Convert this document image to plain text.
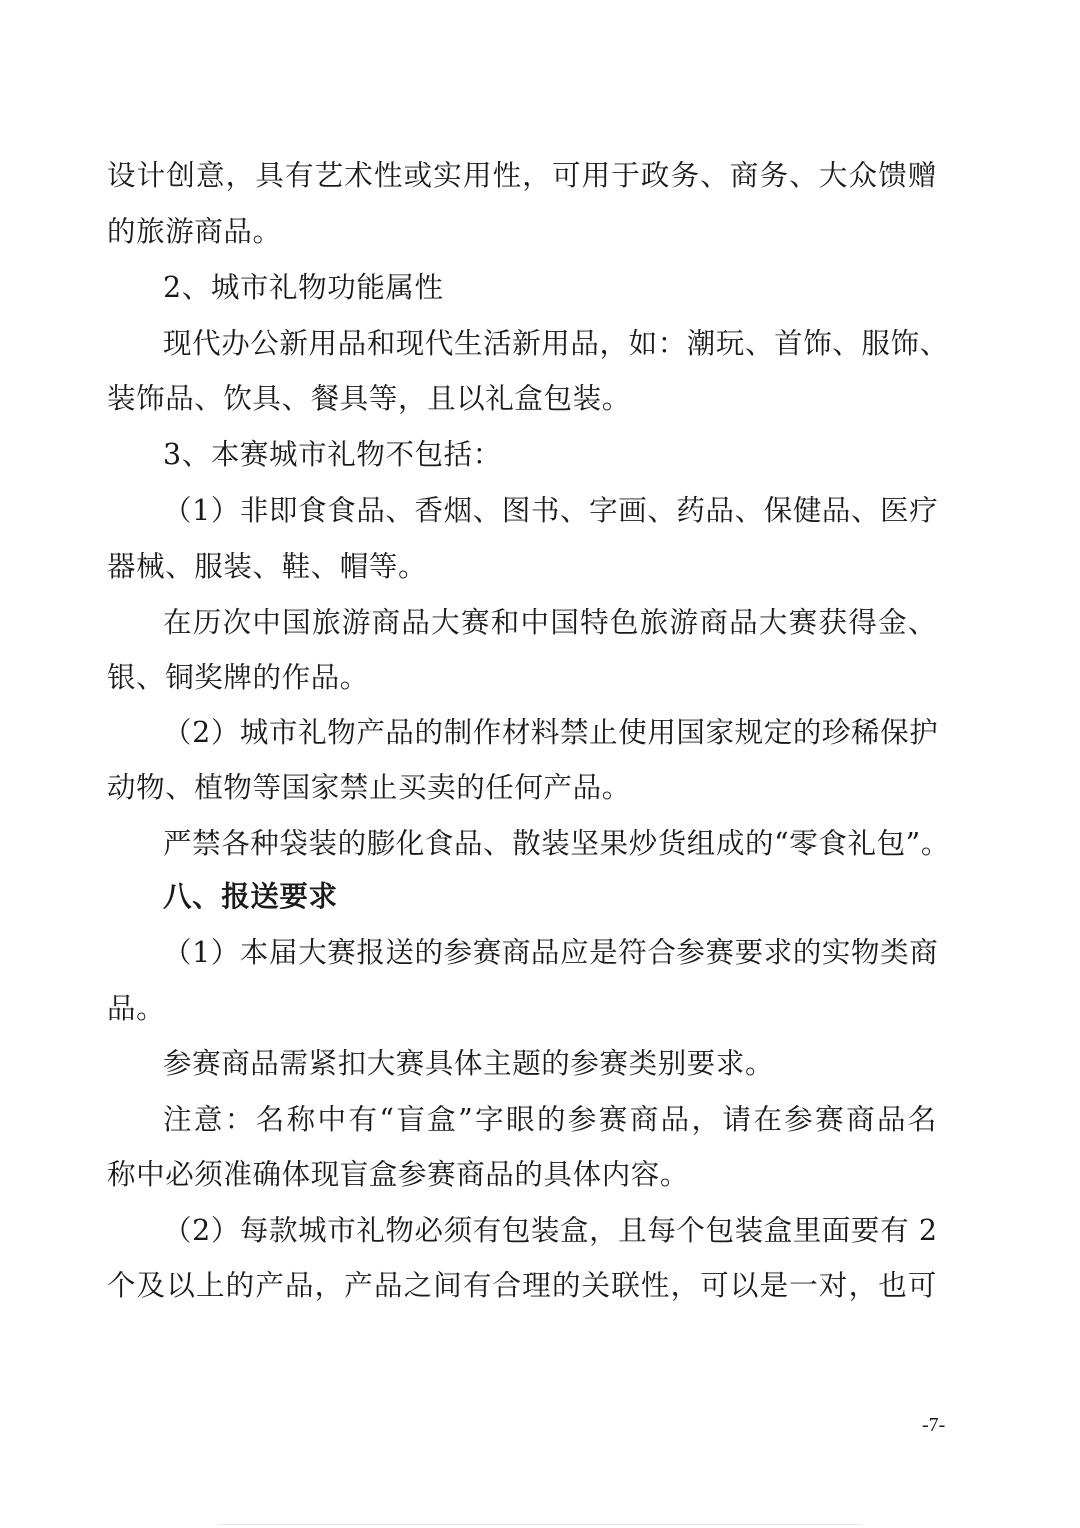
设计创意，具有艺术性或实用性，可用于政务、商务、大众馈赠
的旅游商品。
2、城市礼物功能属性
现代办公新用品和现代生活新用品，如：潮玩、首饰、服饰、
装饰品、饮具、餐具等，且以礼盒包装。
3、本赛城市礼物不包括：
（1）非即食食品、香烟、图书、字画、药品、保健品、医疗
器械、服装、鞋、帽等。
在历次中国旅游商品大赛和中国特色旅游商品大赛获得金、
银、铜奖牌的作品。
（2）城市礼物产品的制作材料禁止使用国家规定的珍稀保护
动物、植物等国家禁止买卖的任何产品。
严禁各种袋装的膨化食品、散装坚果炒货组成的“零食礼包”。
八、报送要求
（1）本届大赛报送的参赛商品应是符合参赛要求的实物类商
品。
参赛商品需紧扣大赛具体主题的参赛类别要求。
注意：名称中有“盲盒”字眼的参赛商品，请在参赛商品名
称中必须准确体现盲盒参赛商品的具体内容。
（2）每款城市礼物必须有包装盒，且每个包装盒里面要有 2
个及以上的产品，产品之间有合理的关联性，可以是一对，也可
-7-
